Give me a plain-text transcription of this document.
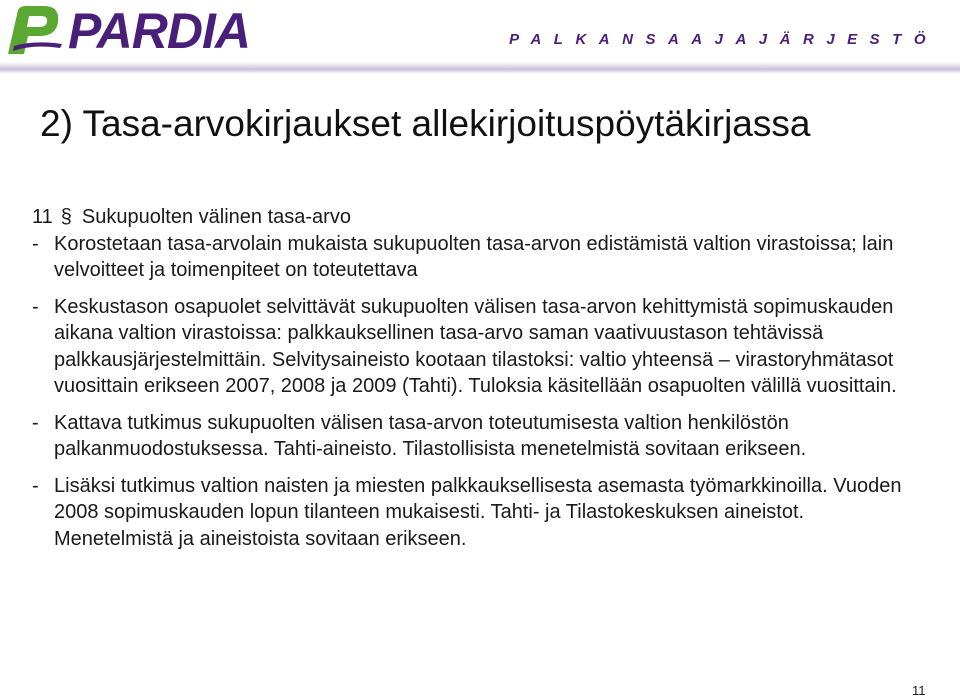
PARDIA	PALKANSAAJAJÄRJESTÖ
2) Tasa-arvokirjaukset allekirjoituspöytäkirjassa
11 § Sukupuolten välinen tasa-arvo
- Korostetaan tasa-arvolain mukaista sukupuolten tasa-arvon edistämistä valtion virastoissa; lain velvoitteet ja toimenpiteet on toteutettava
- Keskustason osapuolet selvittävät sukupuolten välisen tasa-arvon kehittymistä sopimuskauden aikana valtion virastoissa: palkkauksellinen tasa-arvo saman vaativuustason tehtävissä palkkausjärjestelmittäin. Selvitysaineisto kootaan tilastoksi: valtio yhteensä – virastoryhmätasot vuosittain erikseen 2007, 2008 ja 2009 (Tahti). Tuloksia käsitellään osapuolten välillä vuosittain.
- Kattava tutkimus sukupuolten välisen tasa-arvon toteutumisesta valtion henkilöstön palkanmuodostuksessa. Tahti-aineisto. Tilastollisista menetelmistä sovitaan erikseen.
- Lisäksi tutkimus valtion naisten ja miesten palkkauksellisesta asemasta työmarkkinoilla. Vuoden 2008 sopimuskauden lopun tilanteen mukaisesti. Tahti- ja Tilastokeskuksen aineistot. Menetelmistä ja aineistoista sovitaan erikseen.
11
